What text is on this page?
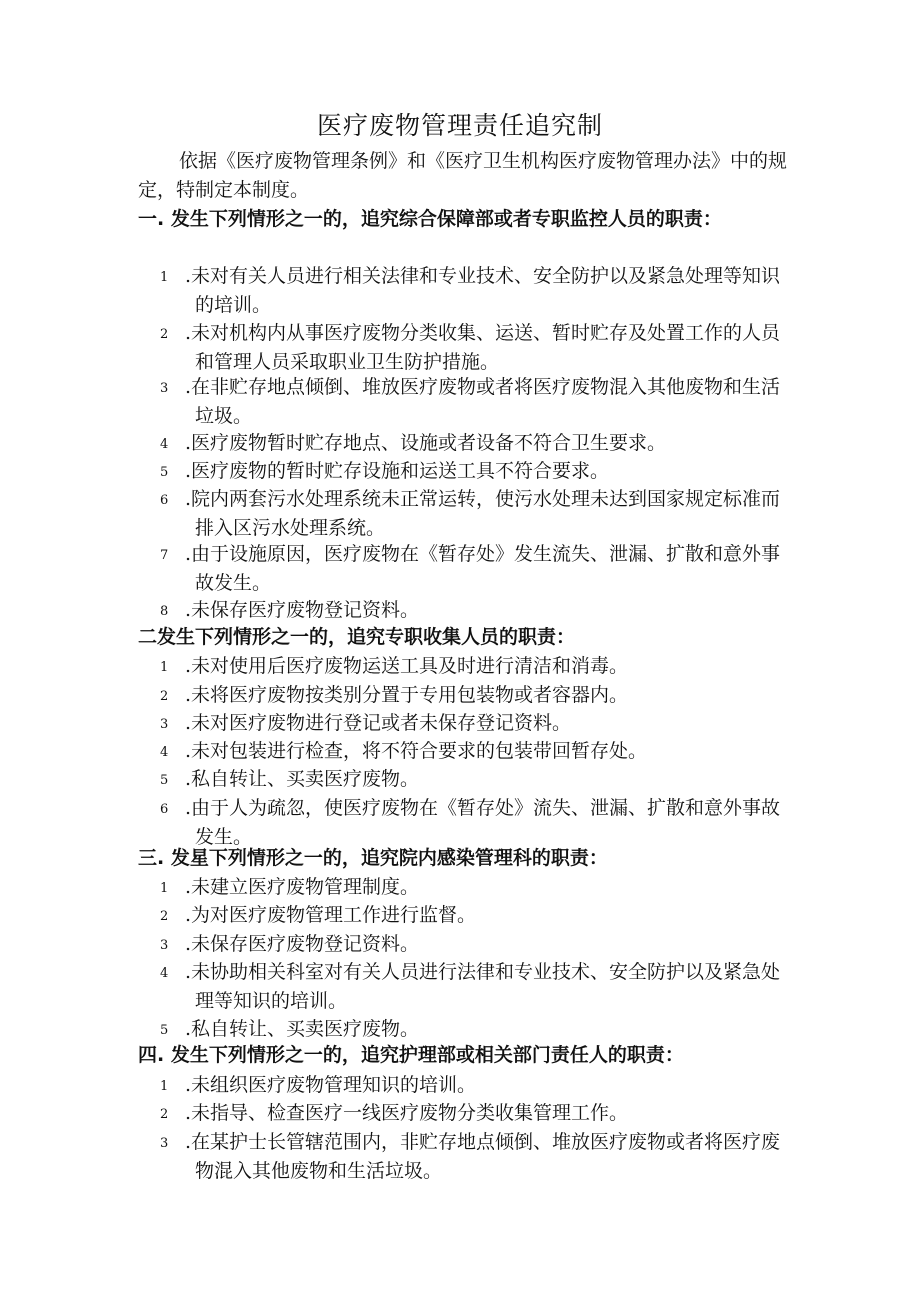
医疗废物管理责任追究制

依据《医疗废物管理条例》和《医疗卫生机构医疗废物管理办法》中的规定，特制定本制度。

一. 发生下列情形之一的，追究综合保障部或者专职监控人员的职责：
1 .未对有关人员进行相关法律和专业技术、安全防护以及紧急处理等知识的培训。
2 .未对机构内从事医疗废物分类收集、运送、暂时贮存及处置工作的人员和管理人员采取职业卫生防护措施。
3 .在非贮存地点倾倒、堆放医疗废物或者将医疗废物混入其他废物和生活垃圾。
4 .医疗废物暂时贮存地点、设施或者设备不符合卫生要求。
5 .医疗废物的暂时贮存设施和运送工具不符合要求。
6 .院内两套污水处理系统未正常运转，使污水处理未达到国家规定标准而排入区污水处理系统。
7 .由于设施原因，医疗废物在《暂存处》发生流失、泄漏、扩散和意外事故发生。
8 .未保存医疗废物登记资料。
二发生下列情形之一的，追究专职收集人员的职责：
1 .未对使用后医疗废物运送工具及时进行清洁和消毒。
2 .未将医疗废物按类别分置于专用包装物或者容器内。
3 .未对医疗废物进行登记或者未保存登记资料。
4 .未对包装进行检查，将不符合要求的包装带回暂存处。
5 .私自转让、买卖医疗废物。
6 .由于人为疏忽，使医疗废物在《暂存处》流失、泄漏、扩散和意外事故发生。
三. 发星下列情形之一的，追究院内感染管理科的职责：
1 .未建立医疗废物管理制度。
2 .为对医疗废物管理工作进行监督。
3 .未保存医疗废物登记资料。
4 .未协助相关科室对有关人员进行法律和专业技术、安全防护以及紧急处理等知识的培训。
5 .私自转让、买卖医疗废物。
四. 发生下列情形之一的，追究护理部或相关部门责任人的职责：
1 .未组织医疗废物管理知识的培训。
2 .未指导、检查医疗一线医疗废物分类收集管理工作。
3 .在某护士长管辖范围内，非贮存地点倾倒、堆放医疗废物或者将医疗废物混入其他废物和生活垃圾。
